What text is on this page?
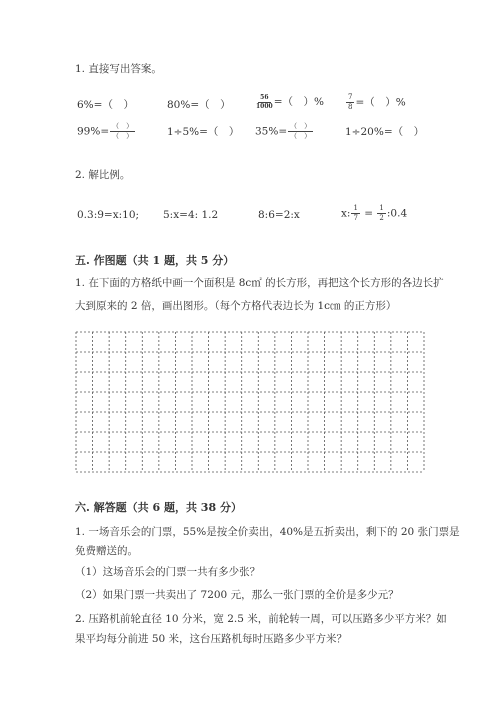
1. 直接写出答案。
6%=（　）	80%=（　）	$\frac{56}{1000}$ =（　）%	$\frac{7}{8}$ =（　）%
$99\%= \frac{( )}{( )}$	1÷5%=（　） $35\%= \frac{( )}{( )}$	1÷20%=（　）
2. 解比例。
0.3:9=x:10; 5:x=4: 1.2	8:6=2:x	x: $\frac{1}{7} = \frac{1}{2}$ :0.4
五. 作图题（共 1 题，共 5 分）
1. 在下面的方格纸中画一个面积是 8c㎡ 的长方形，再把这个长方形的各边长扩
大到原来的 2 倍，画出图形。（每个方格代表边长为 1c㎝ 的正方形）
六. 解答题（共 6 题，共 38 分）
1. 一场音乐会的门票，55%是按全价卖出，40%是五折卖出，剩下的 20 张门票是
免费赠送的。
（1）这场音乐会的门票一共有多少张？
（2）如果门票一共卖出了 7200 元，那么一张门票的全价是多少元？
2. 压路机前轮直径 10 分米，宽 2.5 米，前轮转一周，可以压路多少平方米？如
果平均每分前进 50 米，这台压路机每时压路多少平方米？
